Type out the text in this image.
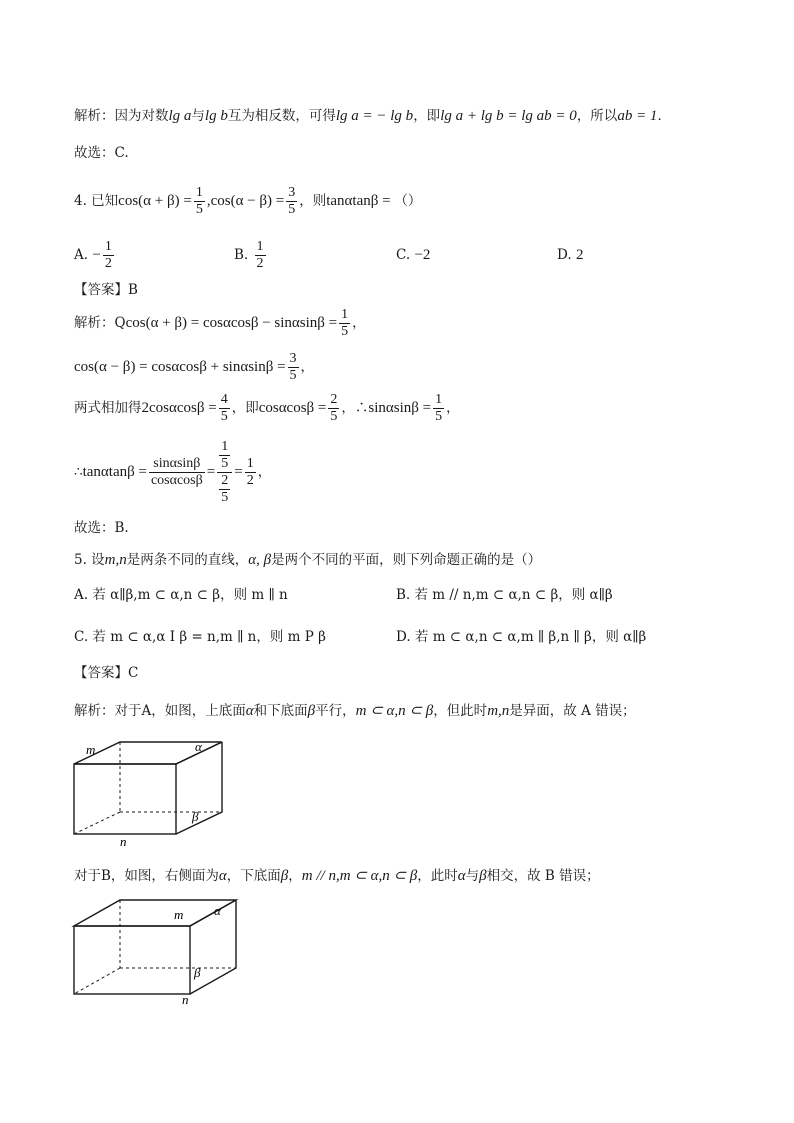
解析：因为对数lg a与lg b互为相反数，可得lg a = − lg b，即lg a + lg b = lg ab = 0，所以ab = 1．
故选：C.
4. 已知$\cos(\alpha + \beta) = \frac{1}{5} ,\cos(\alpha - \beta) = \frac{3}{5}$ ，则tanαtanβ = （）
A. − $\frac{1}{2}$	B. $\frac{1}{2}$	C. −2	D. 2
【答案】B
解析：$Qcos(\alpha + \beta) = \cos\alpha\cos\beta - \sin\alpha\sin\beta = \frac{1}{5}$ ，
$\cos(\alpha - \beta) = \cos\alpha\cos\beta + \sin\alpha\sin\beta = \frac{3}{5}$ ，
两式相加得$2\cos\alpha\cos\beta = \frac{4}{5}$ ，即$\cos\alpha\cos\beta = \frac{2}{5}$ ，∴sinαsinβ = $\frac{1}{5}$ ，
∴tanαtanβ = $\frac{\sin\alpha\sin\beta}{\cos\alpha\cos\beta} = \frac{\frac{1}{5}}{\frac{2}{5}} = \frac{1}{2}$ ，
故选：B.
5. 设m,n是两条不同的直线，α, β是两个不同的平面，则下列命题正确的是（）
A. 若 α∥β,m ⊂ α,n ⊂ β，则 m ∥ n	B. 若 m // n,m ⊂ α,n ⊂ β，则 α∥β
C. 若 m ⊂ α,α I β = n,m ∥ n，则 m P β	D. 若 m ⊂ α,n ⊂ α,m ∥ β,n ∥ β，则 α∥β
【答案】C
解析：对于A，如图，上底面α和下底面β平行，m ⊂ α,n ⊂ β，但此时m,n是异面，故 A 错误；
m	α
β
n
对于B，如图，右侧面为α，下底面β，m // n,m ⊂ α,n ⊂ β，此时α与β相交，故 B 错误；
m α
β
n
